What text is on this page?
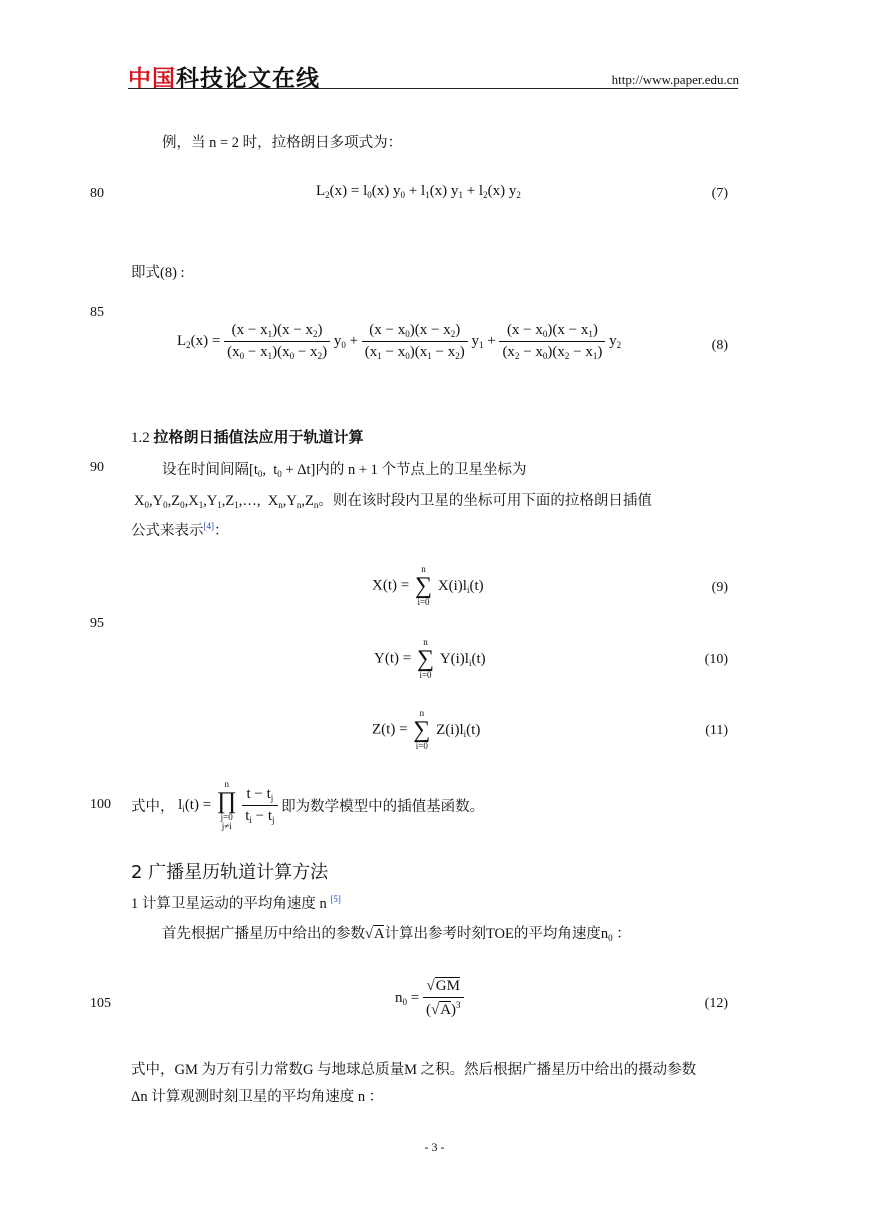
中国科技论文在线	http://www.paper.edu.cn
80
85
90
95
100
105
例，当 n = 2 时，拉格朗日多项式为：
$L_2(x) = l_0(x) y_0 + l_1(x) y_1 + l_2(x)$ $y_2$	(7)
即式(8) :
$L_2(x) = \frac{(x - x_1)(x - x_2)}{(x_0 - x_1)(x_0 - x_2)} y_0 + \frac{(x - x_0)(x - x_2)}{(x_1 - x_0)(x_1 - x_2)} y_1 + \frac{(x - x_0)(x - x_1)}{(x_2 - x_0)(x_2 - x_1)} y_2$	(8)
1.2 拉格朗日插值法应用于轨道计算
设在时间间隔[$t_0$,  $t_0 + \Delta t$]内的 n + 1 个节点上的卫星坐标为
$X_0,Y_0,Z_0,X_1,Y_1,Z_1,\dots$,  $X_n,Y_n,Z_n$。则在该时段内卫星的坐标可用下面的拉格朗日插值
公式来表示[4]：
X(t) =
n
∑
i=0
$X(i)l_i(t)$	(9)
Y(t) =
n
∑
i=0
$Y(i)l_i(t)$	(10)
Z(t) =
n
∑
i=0
$Z(i)l_i(t)$	(11)
式中， $l_i(t)$ =
n
∏
j=0
j≠i

$\frac{t - t_j}{t_i - t_j}$ 即为数学模型中的插值基函数。
2 广播星历轨道计算方法
1 计算卫星运动的平均角速度 n [5]
首先根据广播星历中给出的参数√A计算出参考时刻TOE的平均角速度$n_0$ ：
$n_0 = \frac{√GM}{(√A)^3}$	(12)
式中，GM 为万有引力常数G 与地球总质量M 之积。然后根据广播星历中给出的摄动参数
Δn 计算观测时刻卫星的平均角速度 n ：
- 3 -
